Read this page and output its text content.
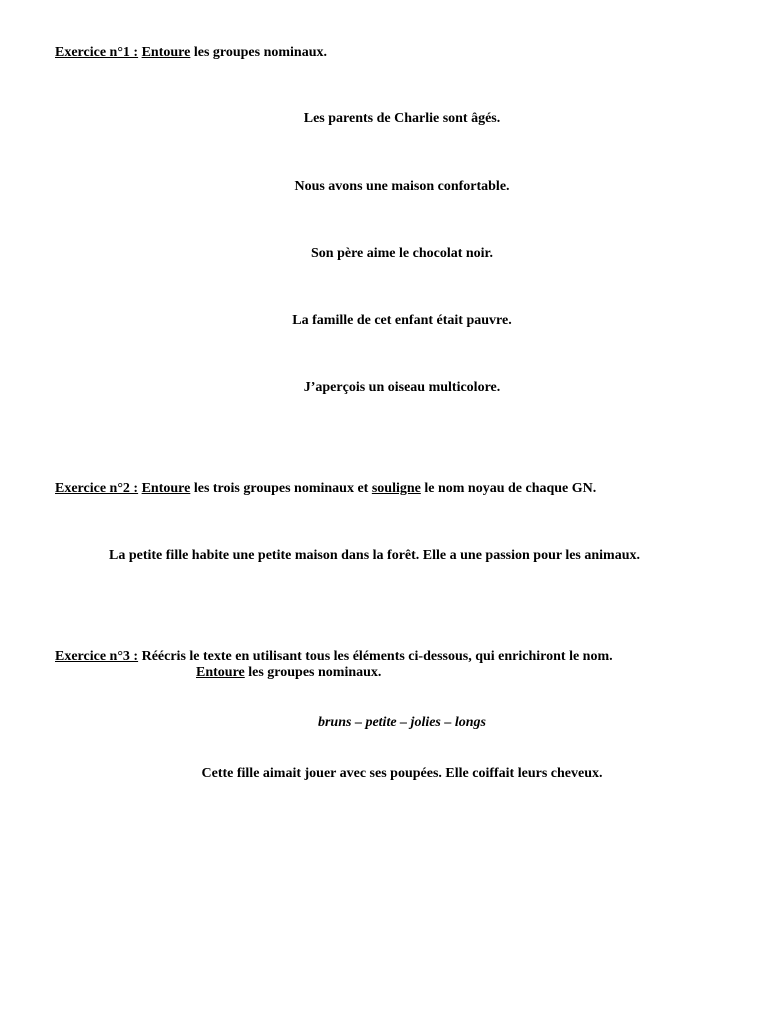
Exercice n°1 : Entoure les groupes nominaux.
Les parents de Charlie sont âgés.
Nous avons une maison confortable.
Son père aime le chocolat noir.
La famille de cet enfant était pauvre.
J’aperçois un oiseau multicolore.
Exercice n°2 : Entoure les trois groupes nominaux et souligne le nom noyau de chaque GN.
La petite fille habite une petite maison dans la forêt. Elle a une passion pour les animaux.
Exercice n°3 : Réécris le texte en utilisant tous les éléments ci-dessous, qui enrichiront le nom.
Entoure les groupes nominaux.
bruns – petite – jolies – longs
Cette fille aimait jouer avec ses poupées. Elle coiffait leurs cheveux.
